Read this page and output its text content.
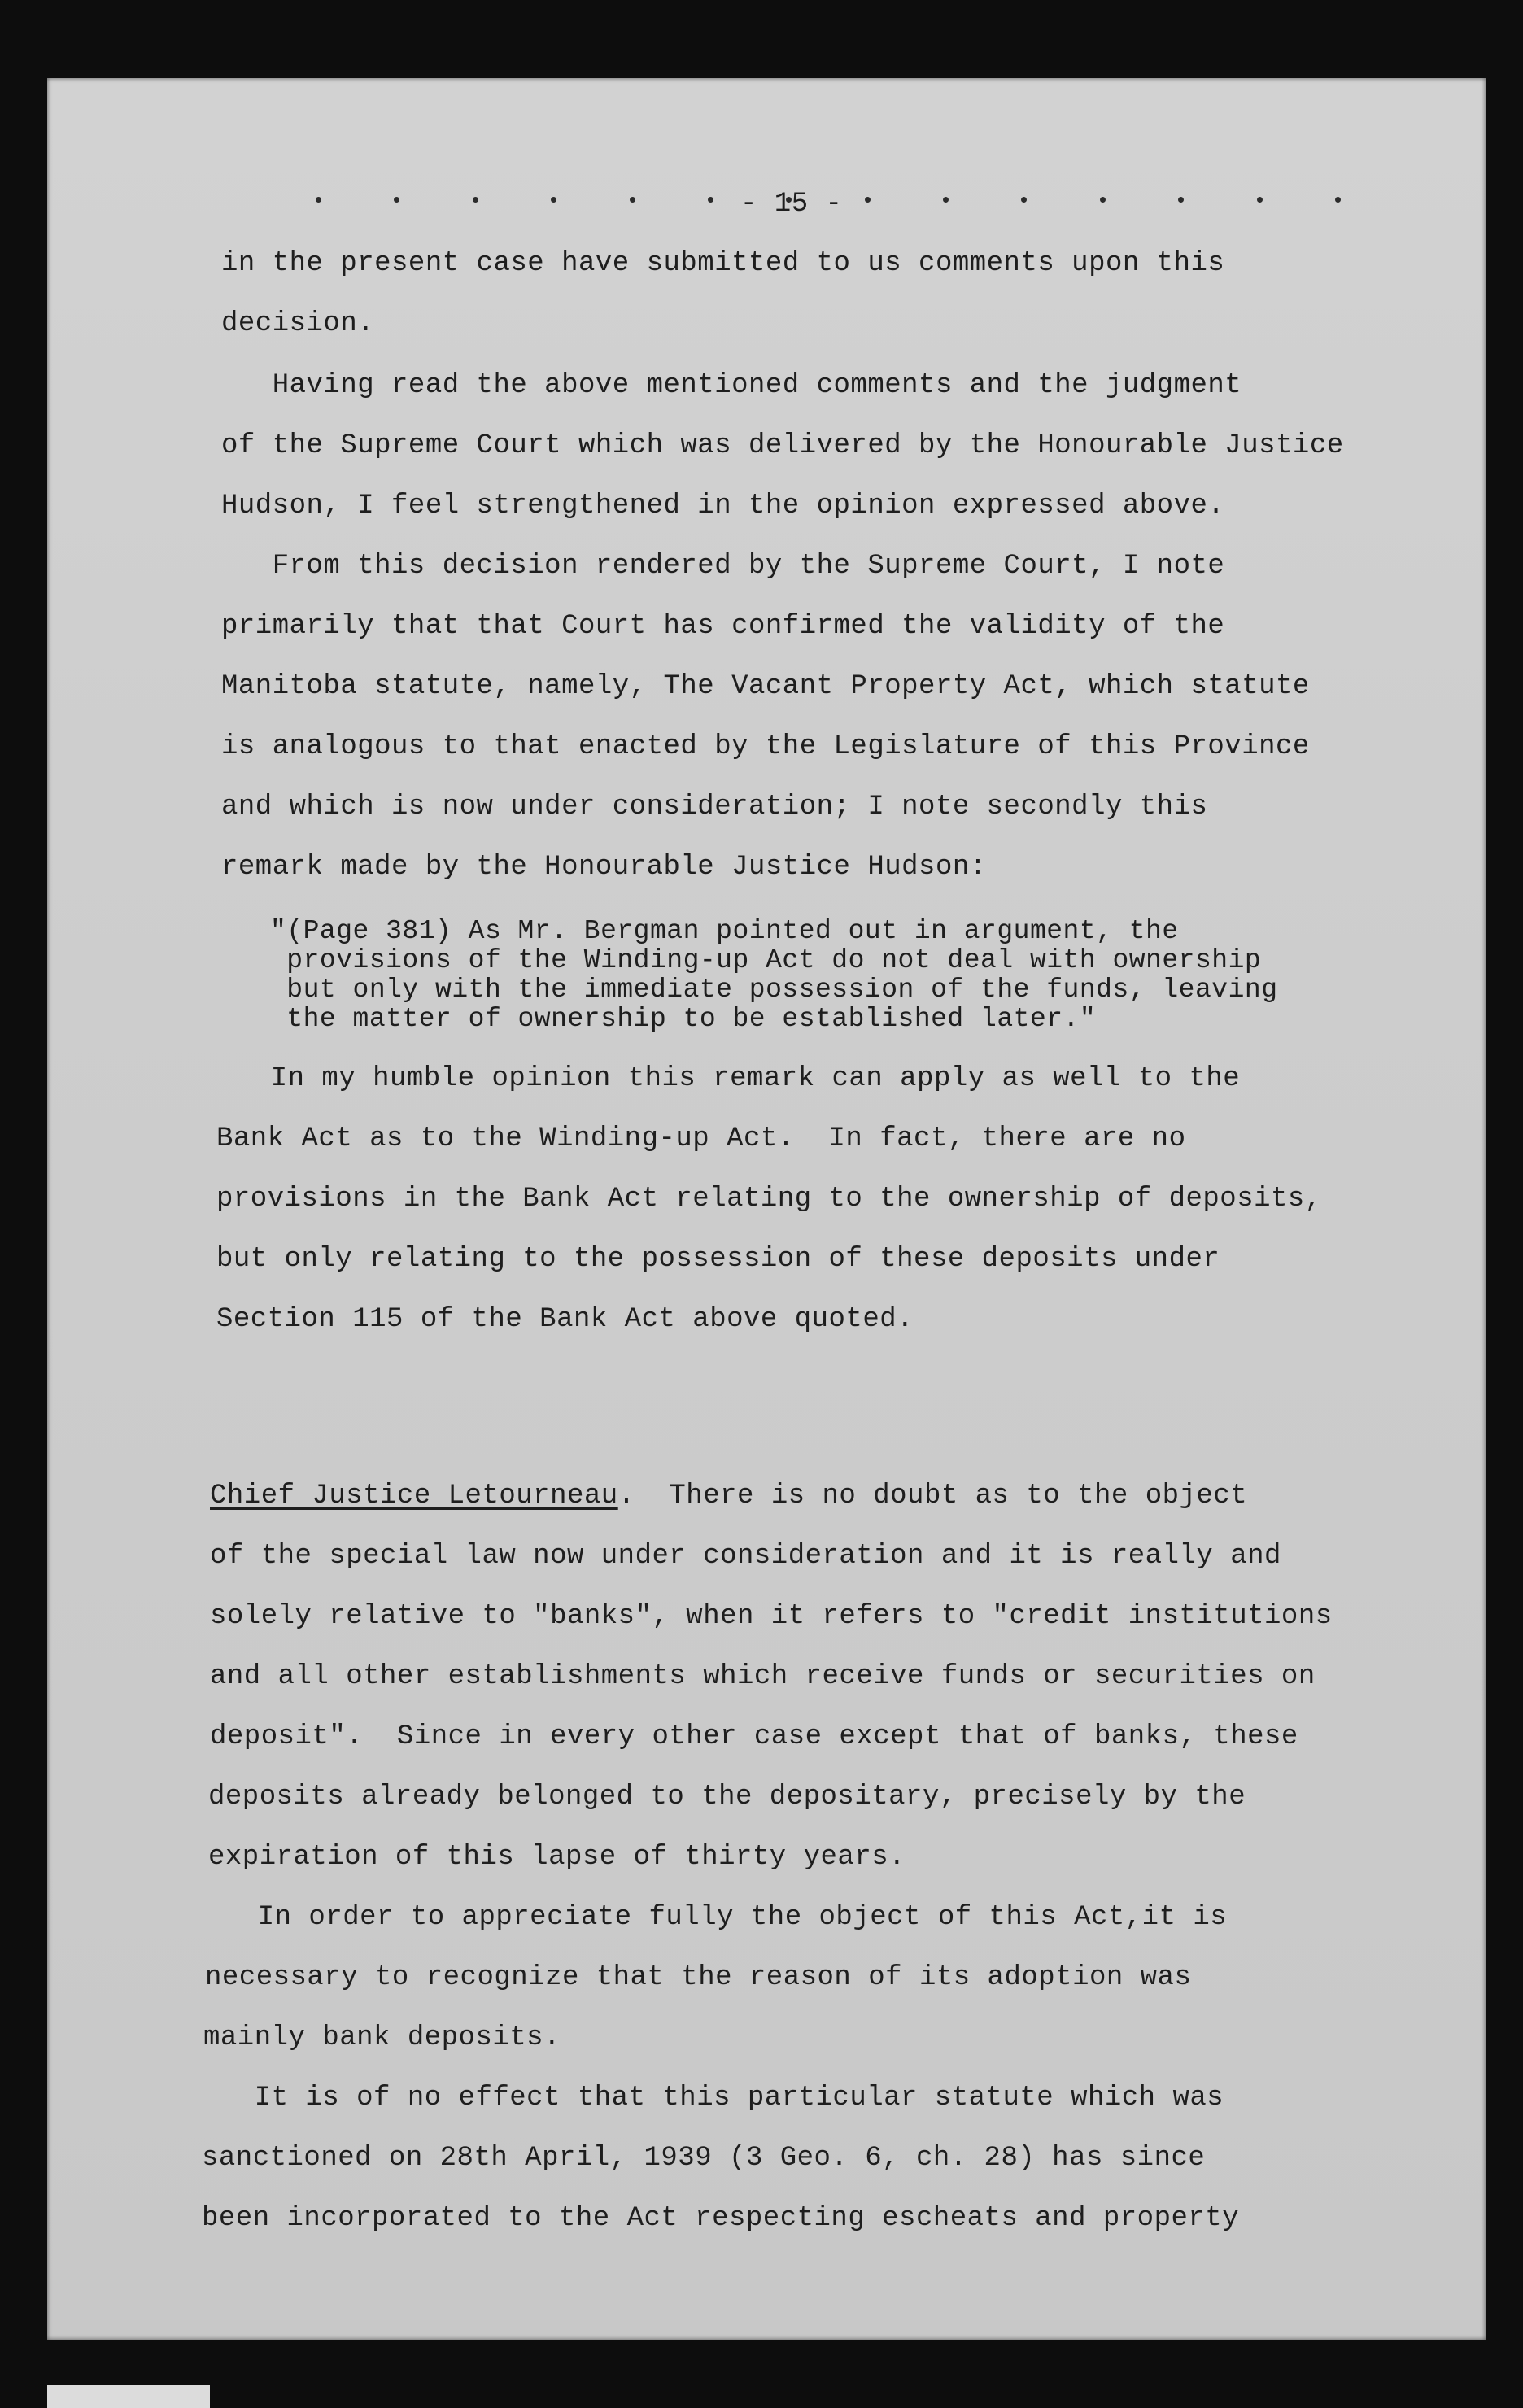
- 15 -
in the present case have submitted to us comments upon this
decision.
Having read the above mentioned comments and the judgment
of the Supreme Court which was delivered by the Honourable Justice
Hudson, I feel strengthened in the opinion expressed above.
From this decision rendered by the Supreme Court, I note
primarily that that Court has confirmed the validity of the
Manitoba statute, namely, The Vacant Property Act, which statute
is analogous to that enacted by the Legislature of this Province
and which is now under consideration; I note secondly this
remark made by the Honourable Justice Hudson:
"(Page 381) As Mr. Bergman pointed out in argument, the
provisions of the Winding-up Act do not deal with ownership
but only with the immediate possession of the funds, leaving
the matter of ownership to be established later."
In my humble opinion this remark can apply as well to the
Bank Act as to the Winding-up Act.  In fact, there are no
provisions in the Bank Act relating to the ownership of deposits,
but only relating to the possession of these deposits under
Section 115 of the Bank Act above quoted.
Chief Justice Letourneau.  There is no doubt as to the object
of the special law now under consideration and it is really and
solely relative to "banks", when it refers to "credit institutions
and all other establishments which receive funds or securities on
deposit".  Since in every other case except that of banks, these
deposits already belonged to the depositary, precisely by the
expiration of this lapse of thirty years.
In order to appreciate fully the object of this Act,it is
necessary to recognize that the reason of its adoption was
mainly bank deposits.
It is of no effect that this particular statute which was
sanctioned on 28th April, 1939 (3 Geo. 6, ch. 28) has since
been incorporated to the Act respecting escheats and property
